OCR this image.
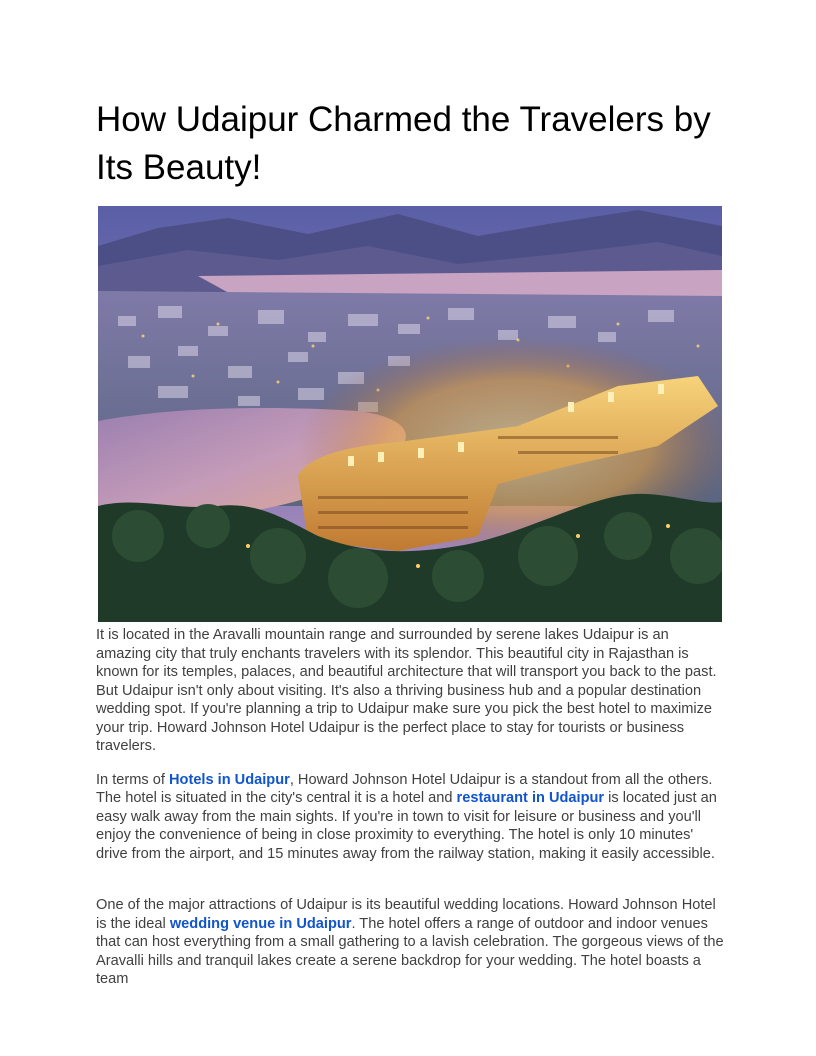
How Udaipur Charmed the Travelers by Its Beauty!

It is located in the Aravalli mountain range and surrounded by serene lakes Udaipur is an amazing city that truly enchants travelers with its splendor. This beautiful city in Rajasthan is known for its temples, palaces, and beautiful architecture that will transport you back to the past. But Udaipur isn't only about visiting. It's also a thriving business hub and a popular destination wedding spot. If you're planning a trip to Udaipur make sure you pick the best hotel to maximize your trip. Howard Johnson Hotel Udaipur is the perfect place to stay for tourists or business travelers.

In terms of Hotels in Udaipur, Howard Johnson Hotel Udaipur is a standout from all the others. The hotel is situated in the city's central it is a hotel and restaurant in Udaipur is located just an easy walk away from the main sights. If you're in town to visit for leisure or business and you'll enjoy the convenience of being in close proximity to everything. The hotel is only 10 minutes' drive from the airport, and 15 minutes away from the railway station, making it easily accessible.

One of the major attractions of Udaipur is its beautiful wedding locations. Howard Johnson Hotel is the ideal wedding venue in Udaipur. The hotel offers a range of outdoor and indoor venues that can host everything from a small gathering to a lavish celebration. The gorgeous views of the Aravalli hills and tranquil lakes create a serene backdrop for your wedding. The hotel boasts a team
